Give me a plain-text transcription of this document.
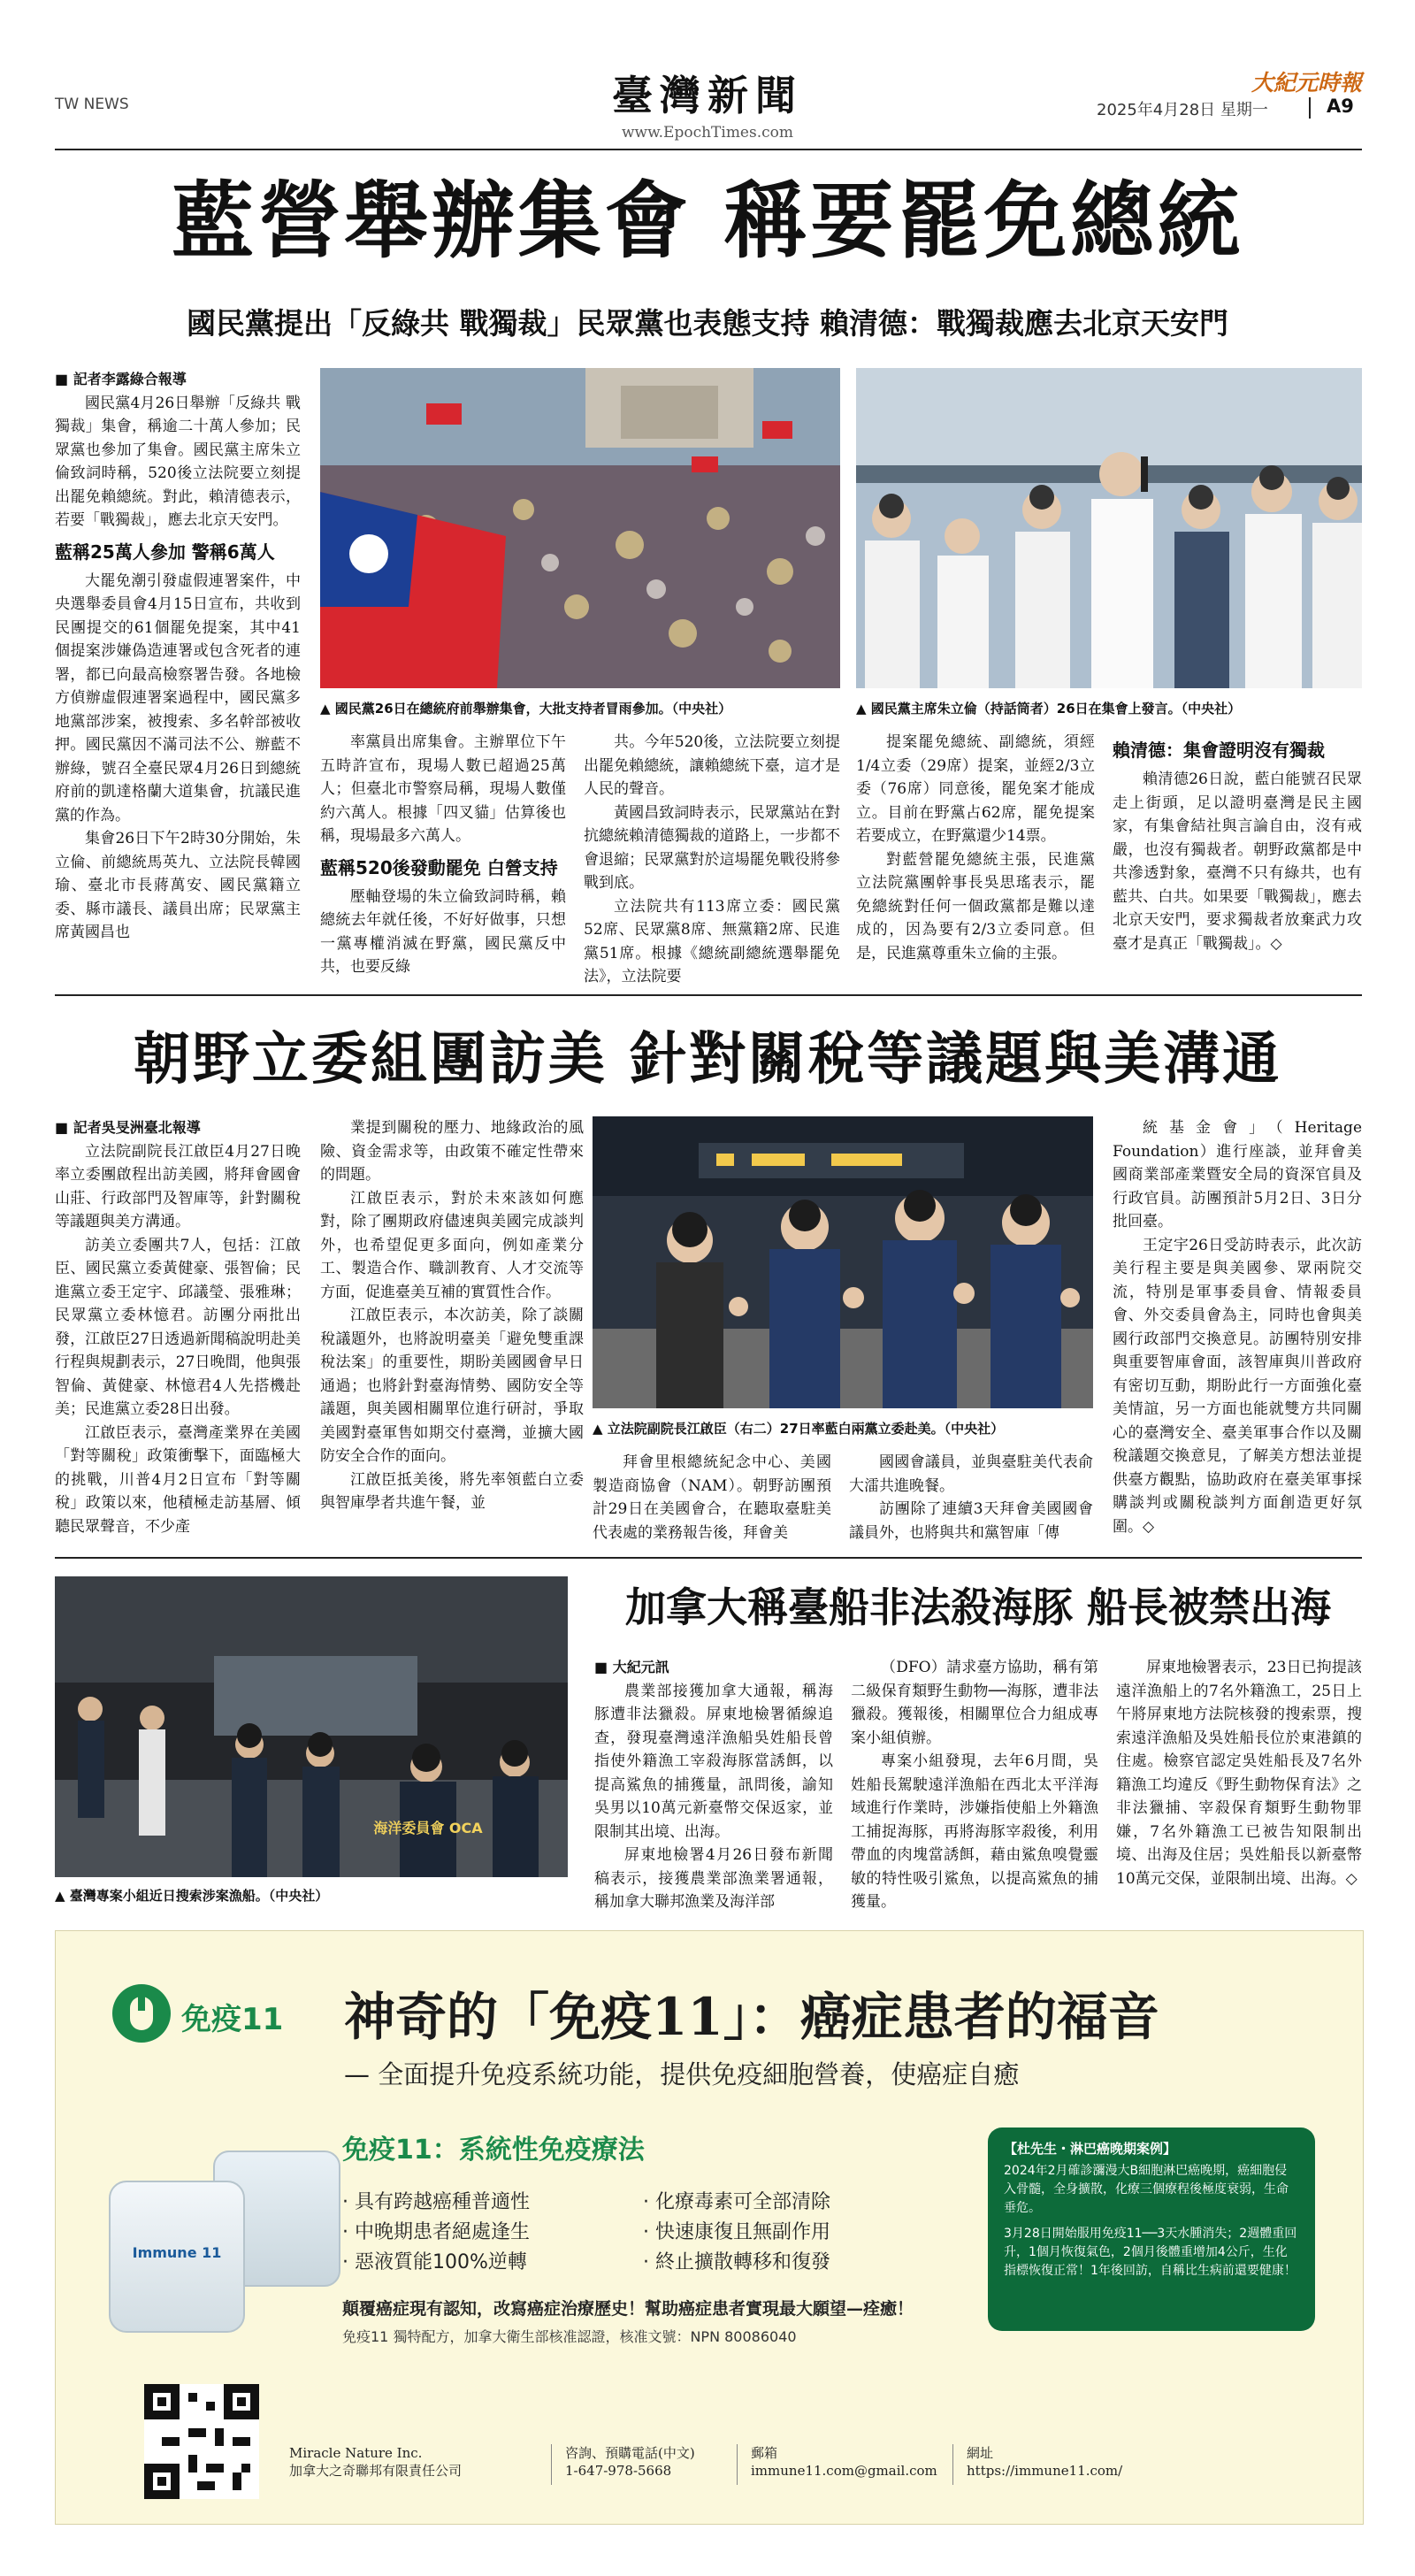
TW NEWS	臺灣新聞
www.EpochTimes.com
大紀元時報
2025年4月28日 星期一	A9
藍營舉辦集會 稱要罷免總統
國民黨提出「反綠共 戰獨裁」民眾黨也表態支持 賴清德：戰獨裁應去北京天安門

■ 記者李露綠合報導

國民黨4月26日舉辦「反綠共 戰獨裁」集會，稱逾二十萬人參加；民眾黨也參加了集會。國民黨主席朱立倫致詞時稱，520後立法院要立刻提出罷免賴總統。對此，賴清德表示，若要「戰獨裁」，應去北京天安門。

藍稱25萬人參加 警稱6萬人

大罷免潮引發虛假連署案件，中央選舉委員會4月15日宣布，共收到民團提交的61個罷免提案，其中41個提案涉嫌偽造連署或包含死者的連署，都已向最高檢察署告發。各地檢方偵辦虛假連署案過程中，國民黨多地黨部涉案，被搜索、多名幹部被收押。國民黨因不滿司法不公、辦藍不辦綠，號召全臺民眾4月26日到總統府前的凱達格蘭大道集會，抗議民進黨的作為。

集會26日下午2時30分開始，朱立倫、前總統馬英九、立法院長韓國瑜、臺北市長蔣萬安、國民黨籍立委、縣市議長、議員出席；民眾黨主席黃國昌也

▲ 國民黨26日在總統府前舉辦集會，大批支持者冒雨參加。（中央社）	▲ 國民黨主席朱立倫（持話筒者）26日在集會上發言。（中央社）

率黨員出席集會。主辦單位下午五時許宣布，現場人數已超過25萬人；但臺北市警察局稱，現場人數僅約六萬人。根據「四叉貓」估算後也稱，現場最多六萬人。

藍稱520後發動罷免 白營支持

壓軸登場的朱立倫致詞時稱，賴總統去年就任後，不好好做事，只想一黨專權消滅在野黨，國民黨反中共，也要反綠

共。今年520後，立法院要立刻提出罷免賴總統，讓賴總統下臺，這才是人民的聲音。

黃國昌致詞時表示，民眾黨站在對抗總統賴清德獨裁的道路上，一步都不會退縮；民眾黨對於這場罷免戰役將參戰到底。

立法院共有113席立委：國民黨52席、民眾黨8席、無黨籍2席、民進黨51席。根據《總統副總統選舉罷免法》，立法院要

提案罷免總統、副總統，須經1/4立委（29席）提案，並經2/3立委（76席）同意後，罷免案才能成立。目前在野黨占62席，罷免提案若要成立，在野黨還少14票。

對藍營罷免總統主張，民進黨立法院黨團幹事長吳思瑤表示，罷免總統對任何一個政黨都是難以達成的，因為要有2/3立委同意。但是，民進黨尊重朱立倫的主張。

賴清德：集會證明沒有獨裁

賴清德26日說，藍白能號召民眾走上街頭，足以證明臺灣是民主國家，有集會結社與言論自由，沒有戒嚴，也沒有獨裁者。朝野政黨都是中共滲透對象，臺灣不只有綠共，也有藍共、白共。如果要「戰獨裁」，應去北京天安門，要求獨裁者放棄武力攻臺才是真正「戰獨裁」。◇

朝野立委組團訪美 針對關稅等議題與美溝通

■ 記者吳旻洲臺北報導

立法院副院長江啟臣4月27日晚率立委團啟程出訪美國，將拜會國會山莊、行政部門及智庫等，針對關稅等議題與美方溝通。

訪美立委團共7人，包括：江啟臣、國民黨立委黃健豪、張智倫；民進黨立委王定宇、邱議瑩、張雅琳；民眾黨立委林憶君。訪團分兩批出發，江啟臣27日透過新聞稿說明赴美行程與規劃表示，27日晚間，他與張智倫、黃健豪、林憶君4人先搭機赴美；民進黨立委28日出發。

江啟臣表示，臺灣產業界在美國「對等關稅」政策衝擊下，面臨極大的挑戰，川普4月2日宣布「對等關稅」政策以來，他積極走訪基層、傾聽民眾聲音，不少產

業提到關稅的壓力、地緣政治的風險、資金需求等，由政策不確定性帶來的問題。

江啟臣表示，對於未來該如何應對，除了團期政府儘速與美國完成談判外，也希望促更多面向，例如產業分工、製造合作、職訓教育、人才交流等方面，促進臺美互補的實質性合作。

江啟臣表示，本次訪美，除了談關稅議題外，也將說明臺美「避免雙重課稅法案」的重要性，期盼美國國會早日通過；也將針對臺海情勢、國防安全等議題，與美國相關單位進行研討，爭取美國對臺軍售如期交付臺灣，並擴大國防安全合作的面向。

江啟臣抵美後，將先率領藍白立委與智庫學者共進午餐，並

▲ 立法院副院長江啟臣（右二）27日率藍白兩黨立委赴美。（中央社）

拜會里根總統紀念中心、美國製造商協會（NAM）。朝野訪團預計29日在美國會合，在聽取臺駐美代表處的業務報告後，拜會美

國國會議員，並與臺駐美代表俞大㵢共進晚餐。

訪團除了連續3天拜會美國國會議員外，也將與共和黨智庫「傳

統基金會」（Heritage Foundation）進行座談，並拜會美國商業部產業暨安全局的資深官員及行政官員。訪團預計5月2日、3日分批回臺。

王定宇26日受訪時表示，此次訪美行程主要是與美國參、眾兩院交流，特別是軍事委員會、情報委員會、外交委員會為主，同時也會與美國行政部門交換意見。訪團特別安排與重要智庫會面，該智庫與川普政府有密切互動，期盼此行一方面強化臺美情誼，另一方面也能就雙方共同關心的臺灣安全、臺美軍事合作以及關稅議題交換意見，了解美方想法並提供臺方觀點，協助政府在臺美軍事採購談判或關稅談判方面創造更好氛圍。◇

海洋委員會 OCA
▲ 臺灣專案小組近日搜索涉案漁船。（中央社）
加拿大稱臺船非法殺海豚 船長被禁出海

■ 大紀元訊

農業部接獲加拿大通報，稱海豚遭非法獵殺。屏東地檢署循線追查，發現臺灣遠洋漁船吳姓船長曾指使外籍漁工宰殺海豚當誘餌，以提高鯊魚的捕獲量，訊問後，諭知吳男以10萬元新臺幣交保返家，並限制其出境、出海。

屏東地檢署4月26日發布新聞稿表示，接獲農業部漁業署通報，稱加拿大聯邦漁業及海洋部

（DFO）請求臺方協助，稱有第二級保育類野生動物──海豚，遭非法獵殺。獲報後，相關單位合力組成專案小組偵辦。

專案小組發現，去年6月間，吳姓船長駕駛遠洋漁船在西北太平洋海域進行作業時，涉嫌指使船上外籍漁工捕捉海豚，再將海豚宰殺後，利用帶血的肉塊當誘餌，藉由鯊魚嗅覺靈敏的特性吸引鯊魚，以提高鯊魚的捕獲量。

屏東地檢署表示，23日已拘提該遠洋漁船上的7名外籍漁工，25日上午將屏東地方法院核發的搜索票，搜索遠洋漁船及吳姓船長位於東港鎮的住處。檢察官認定吳姓船長及7名外籍漁工均違反《野生動物保育法》之非法獵捕、宰殺保育類野生動物罪嫌，7名外籍漁工已被告知限制出境、出海及住居；吳姓船長以新臺幣10萬元交保，並限制出境、出海。◇

免疫11 神奇的「免疫11」：癌症患者的福音
— 全面提升免疫系統功能，提供免疫細胞營養，使癌症自癒
Immune 11
免疫11：系統性免疫療法
· 具有跨越癌種普適性
· 中晚期患者絕處逢生
· 惡液質能100%逆轉
· 化療毒素可全部清除
· 快速康復且無副作用
· 終止擴散轉移和復發
顛覆癌症現有認知，改寫癌症治療歷史！幫助癌症患者實現最大願望—痊癒！
免疫11 獨特配方，加拿大衛生部核准認證，核准文號：NPN 80086040
【杜先生・淋巴癌晚期案例】
2024年2月確診瀰漫大B細胞淋巴癌晚期，癌細胞侵入骨髓，全身擴散，化療三個療程後極度衰弱，生命垂危。
3月28日開始服用免疫11──3天水腫消失；2週體重回升，1個月恢復氣色，2個月後體重增加4公斤，生化指標恢復正常！1年後回訪，自稱比生病前還要健康！
Miracle Nature Inc.
加拿大之奇聯邦有限責任公司
咨詢、預購電話(中文)
1-647-978-5668
郵箱
immune11.com@gmail.com
網址
https://immune11.com/
